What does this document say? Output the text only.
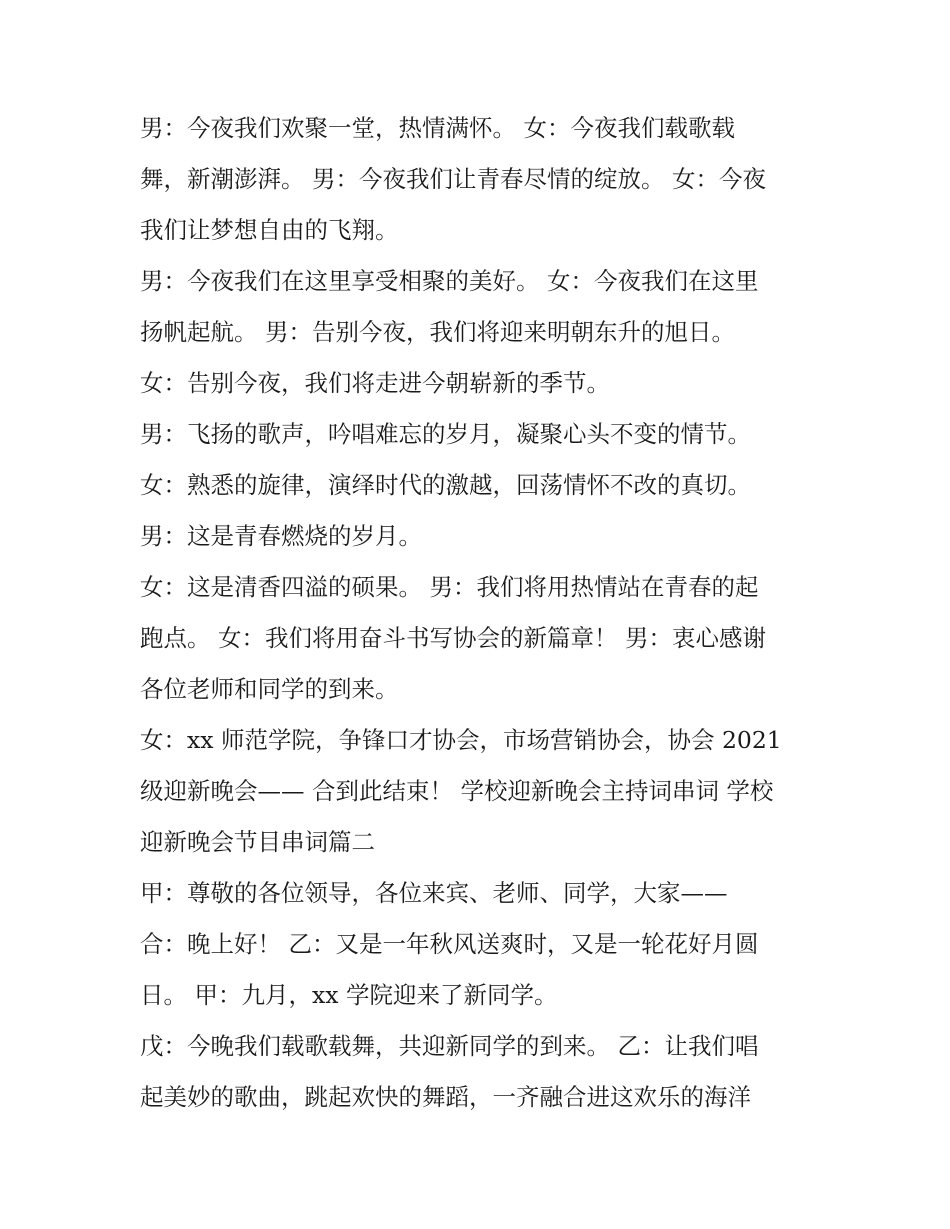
男：今夜我们欢聚一堂，热情满怀。 女：今夜我们载歌载
舞，新潮澎湃。 男：今夜我们让青春尽情的绽放。 女：今夜
我们让梦想自由的飞翔。
男：今夜我们在这里享受相聚的美好。 女：今夜我们在这里
扬帆起航。 男：告别今夜，我们将迎来明朝东升的旭日。
女：告别今夜，我们将走进今朝崭新的季节。
男：飞扬的歌声，吟唱难忘的岁月，凝聚心头不变的情节。
女：熟悉的旋律，演绎时代的激越，回荡情怀不改的真切。
男：这是青春燃烧的岁月。
女：这是清香四溢的硕果。 男：我们将用热情站在青春的起
跑点。 女：我们将用奋斗书写协会的新篇章！ 男：衷心感谢
各位老师和同学的到来。
女：xx 师范学院，争锋口才协会，市场营销协会，协会 2021
级迎新晚会—— 合到此结束！ 学校迎新晚会主持词串词 学校
迎新晚会节目串词篇二
甲：尊敬的各位领导，各位来宾、老师、同学，大家——
合：晚上好！ 乙：又是一年秋风送爽时，又是一轮花好月圆
日。 甲：九月，xx 学院迎来了新同学。
戊：今晚我们载歌载舞，共迎新同学的到来。 乙：让我们唱
起美妙的歌曲，跳起欢快的舞蹈，一齐融合进这欢乐的海洋
